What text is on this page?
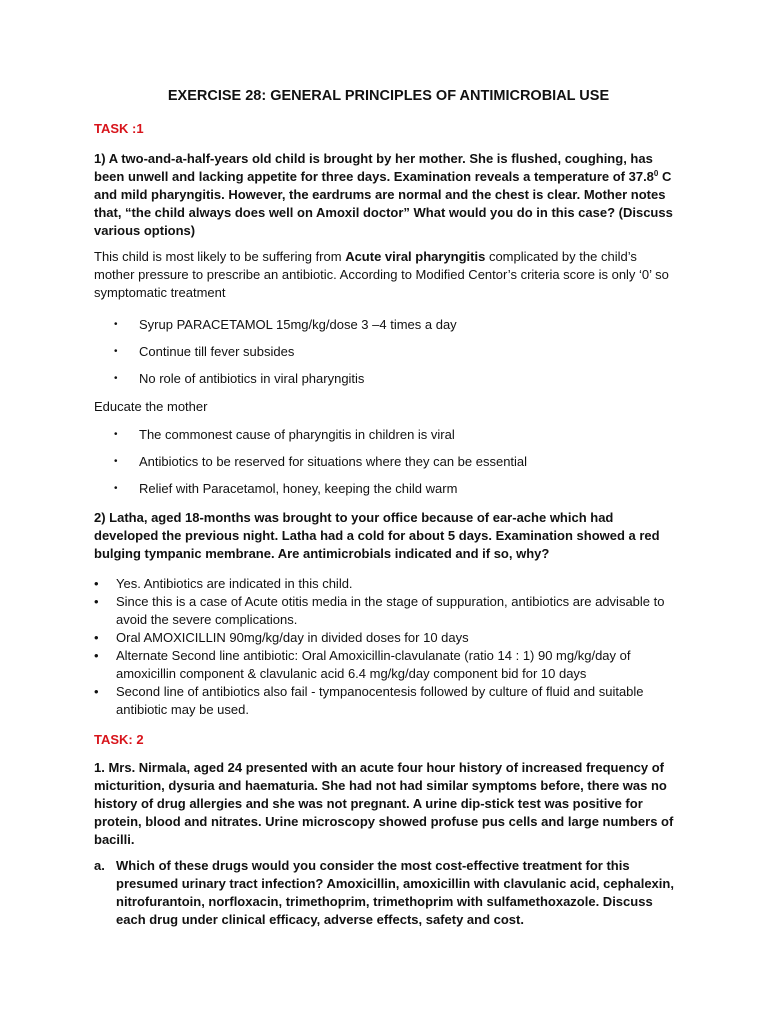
EXERCISE 28: GENERAL PRINCIPLES OF ANTIMICROBIAL USE
TASK :1

1) A two-and-a-half-years old child is brought by her mother. She is flushed, coughing, has been unwell and lacking appetite for three days. Examination reveals a temperature of 37.8$^0$ C and mild pharyngitis. However, the eardrums are normal and the chest is clear. Mother notes that, “the child always does well on Amoxil doctor” What would you do in this case? (Discuss various options)

This child is most likely to be suffering from Acute viral pharyngitis complicated by the child’s mother pressure to prescribe an antibiotic. According to Modified Centor’s criteria score is only ‘0’ so symptomatic treatment

• Syrup PARACETAMOL 15mg/kg/dose 3 –4 times a day
• Continue till fever subsides
• No role of antibiotics in viral pharyngitis

Educate the mother

• The commonest cause of pharyngitis in children is viral
• Antibiotics to be reserved for situations where they can be essential
• Relief with Paracetamol, honey, keeping the child warm

2) Latha, aged 18-months was brought to your office because of ear-ache which had developed the previous night. Latha had a cold for about 5 days. Examination showed a red bulging tympanic membrane. Are antimicrobials indicated and if so, why?

• Yes. Antibiotics are indicated in this child.
• Since this is a case of Acute otitis media in the stage of suppuration, antibiotics are advisable to avoid the severe complications.
• Oral AMOXICILLIN 90mg/kg/day in divided doses for 10 days
• Alternate Second line antibiotic: Oral Amoxicillin-clavulanate (ratio 14 : 1) 90 mg/kg/day of amoxicillin component & clavulanic acid 6.4 mg/kg/day component bid for 10 days
• Second line of antibiotics also fail - tympanocentesis followed by culture of fluid and suitable antibiotic may be used.
TASK: 2

1. Mrs. Nirmala, aged 24 presented with an acute four hour history of increased frequency of micturition, dysuria and haematuria. She had not had similar symptoms before, there was no history of drug allergies and she was not pregnant. A urine dip-stick test was positive for protein, blood and nitrates. Urine microscopy showed profuse pus cells and large numbers of bacilli.

a. Which of these drugs would you consider the most cost-effective treatment for this presumed urinary tract infection? Amoxicillin, amoxicillin with clavulanic acid, cephalexin, nitrofurantoin, norfloxacin, trimethoprim, trimethoprim with sulfamethoxazole. Discuss each drug under clinical efficacy, adverse effects, safety and cost.
